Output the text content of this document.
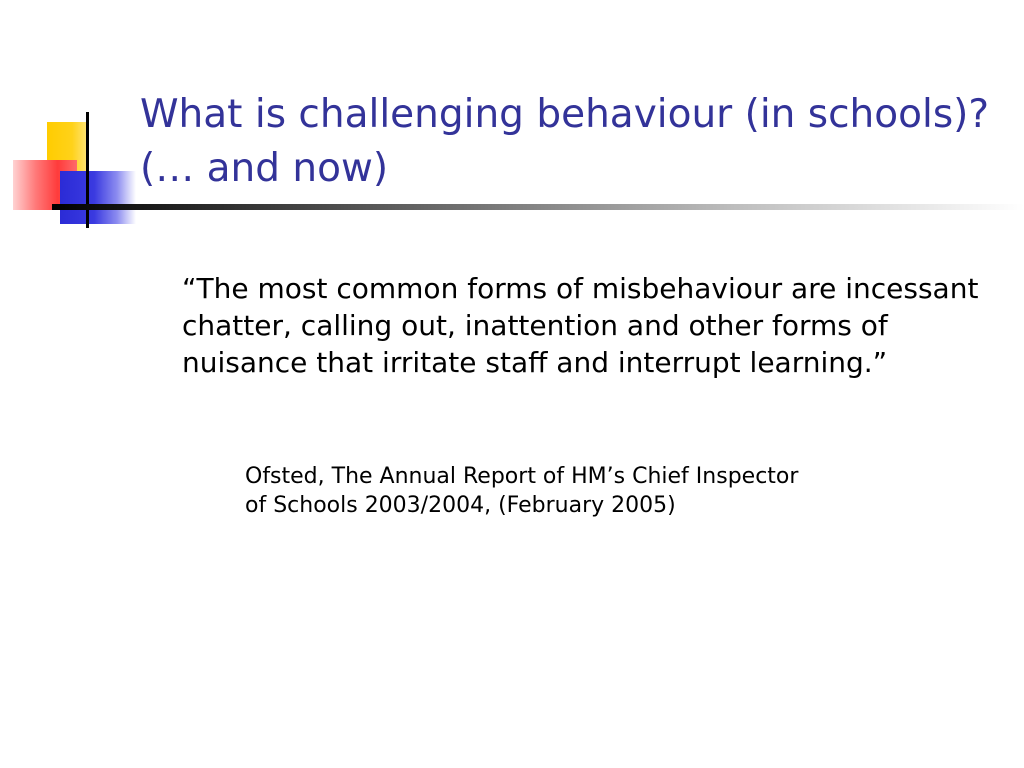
What is challenging behaviour (in schools)? (… and now)

“The most common forms of misbehaviour are incessant chatter, calling out, inattention and other forms of nuisance that irritate staff and interrupt learning.”

Ofsted, The Annual Report of HM’s Chief Inspector of Schools 2003/2004, (February 2005)
